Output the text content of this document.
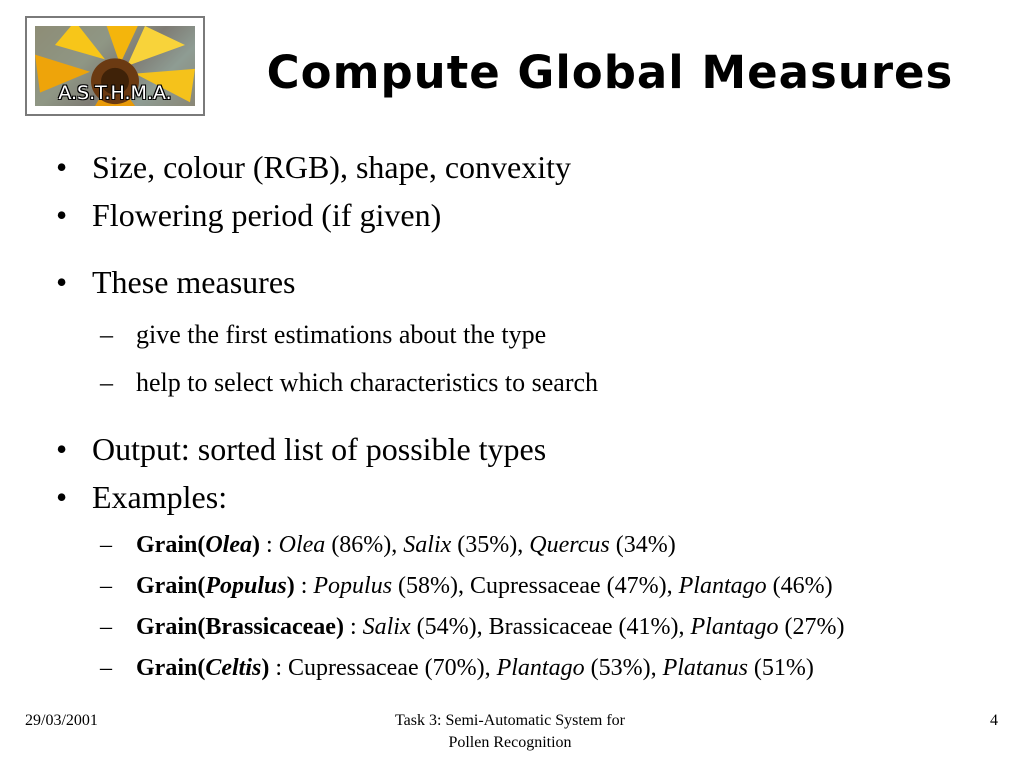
A.S.T.H.M.A.	Compute Global Measures
• Size, colour (RGB), shape, convexity
• Flowering period (if given)
• These measures
– give the first estimations about the type
– help to select which characteristics to search
• Output: sorted list of possible types
• Examples:
– Grain(Olea) : Olea (86%), Salix (35%), Quercus (34%)
– Grain(Populus) : Populus (58%), Cupressaceae (47%), Plantago (46%)
– Grain(Brassicaceae) : Salix (54%), Brassicaceae (41%), Plantago (27%)
– Grain(Celtis) : Cupressaceae (70%), Plantago (53%), Platanus (51%)
29/03/2001	Task 3: Semi-Automatic System for
Pollen Recognition
4
